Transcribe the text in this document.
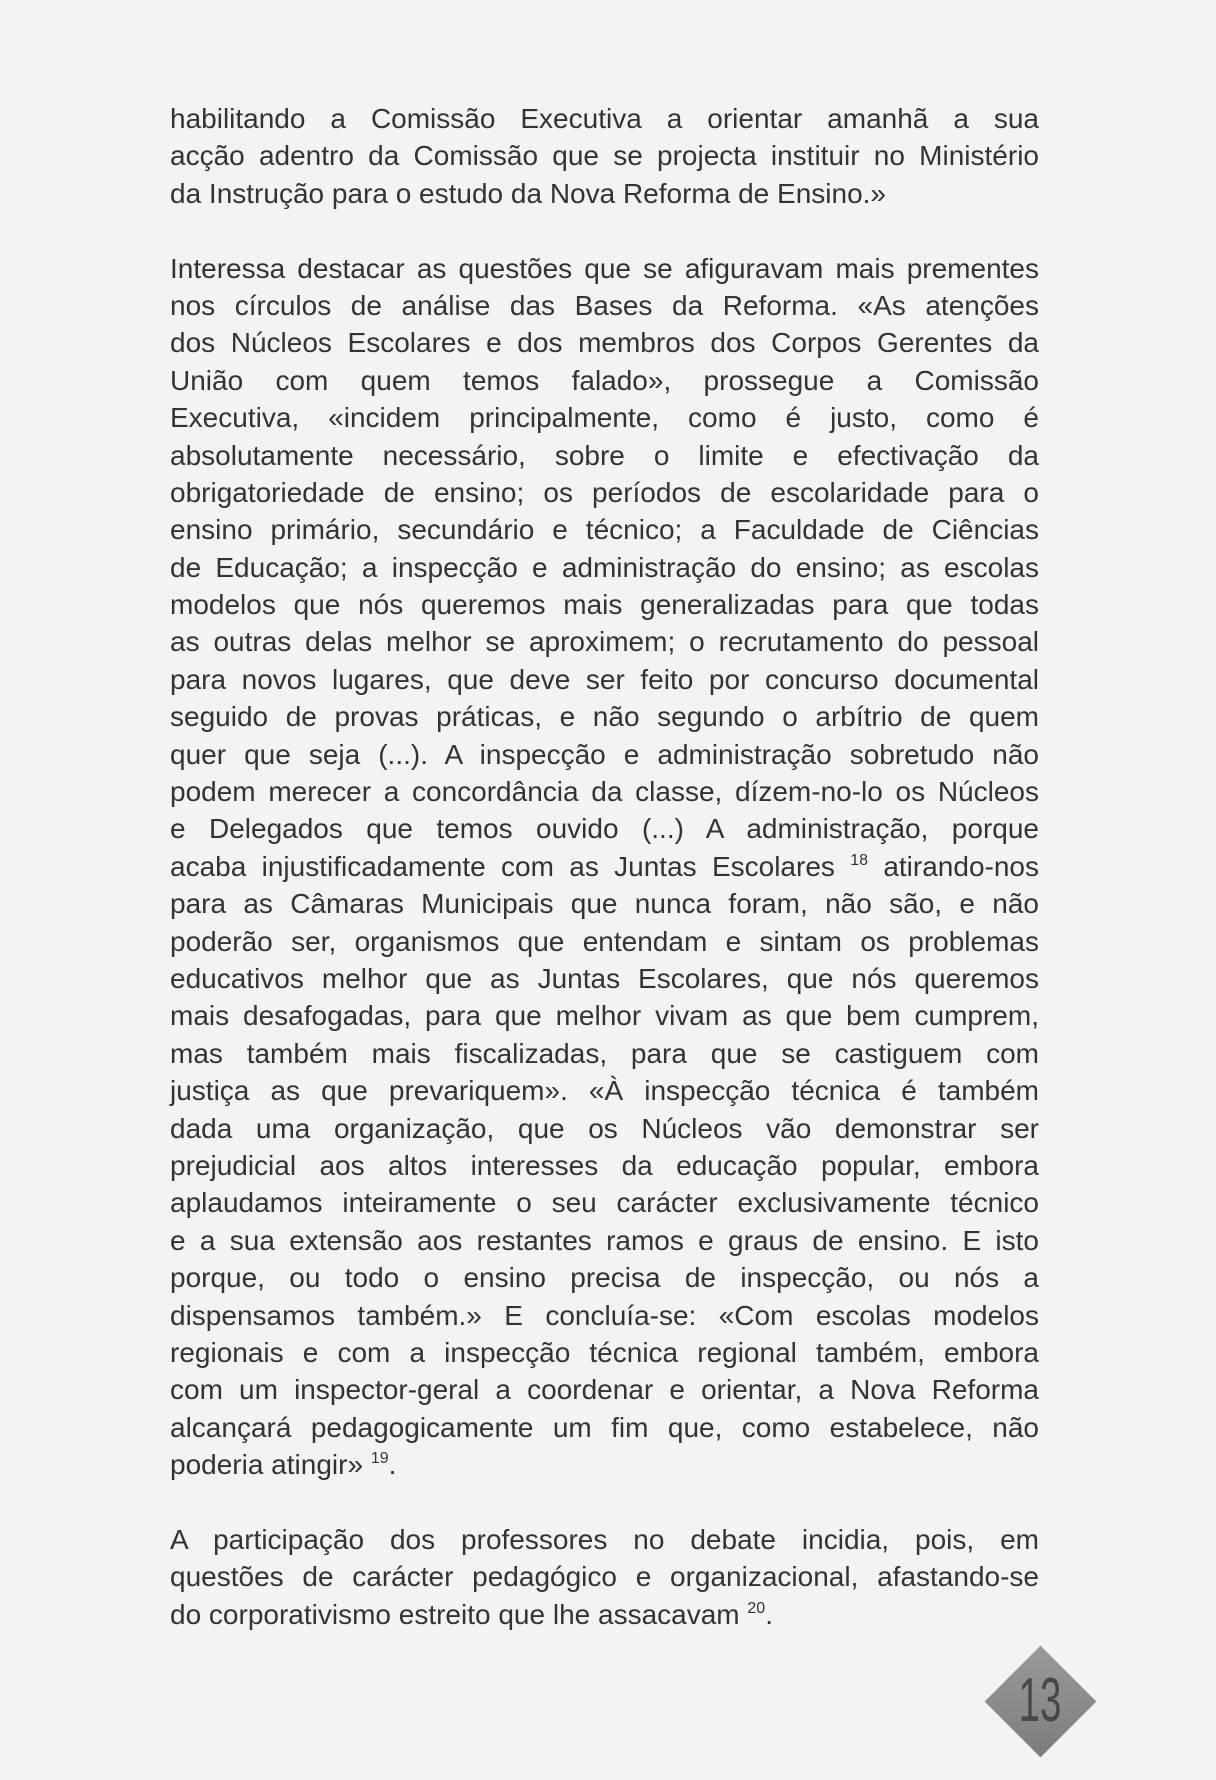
habilitando a Comissão Executiva a orientar amanhã a sua
acção adentro da Comissão que se projecta instituir no Ministério
da Instrução para o estudo da Nova Reforma de Ensino.»
Interessa destacar as questões que se afiguravam mais prementes
nos círculos de análise das Bases da Reforma. «As atenções
dos Núcleos Escolares e dos membros dos Corpos Gerentes da
União com quem temos falado», prossegue a Comissão
Executiva, «incidem principalmente, como é justo, como é
absolutamente necessário, sobre o limite e efectivação da
obrigatoriedade de ensino; os períodos de escolaridade para o
ensino primário, secundário e técnico; a Faculdade de Ciências
de Educação; a inspecção e administração do ensino; as escolas
modelos que nós queremos mais generalizadas para que todas
as outras delas melhor se aproximem; o recrutamento do pessoal
para novos lugares, que deve ser feito por concurso documental
seguido de provas práticas, e não segundo o arbítrio de quem
quer que seja (...). A inspecção e administração sobretudo não
podem merecer a concordância da classe, dízem-no-lo os Núcleos
e Delegados que temos ouvido (...) A administração, porque
acaba injustificadamente com as Juntas Escolares $^{18}$ atirando-nos
para as Câmaras Municipais que nunca foram, não são, e não
poderão ser, organismos que entendam e sintam os problemas
educativos melhor que as Juntas Escolares, que nós queremos
mais desafogadas, para que melhor vivam as que bem cumprem,
mas também mais fiscalizadas, para que se castiguem com
justiça as que prevariquem». «À inspecção técnica é também
dada uma organização, que os Núcleos vão demonstrar ser
prejudicial aos altos interesses da educação popular, embora
aplaudamos inteiramente o seu carácter exclusivamente técnico
e a sua extensão aos restantes ramos e graus de ensino. E isto
porque, ou todo o ensino precisa de inspecção, ou nós a
dispensamos também.» E concluía-se: «Com escolas modelos
regionais e com a inspecção técnica regional também, embora
com um inspector-geral a coordenar e orientar, a Nova Reforma
alcançará pedagogicamente um fim que, como estabelece, não
poderia atingir» $^{19}$.
A participação dos professores no debate incidia, pois, em
questões de carácter pedagógico e organizacional, afastando-se
do corporativismo estreito que lhe assacavam $^{20}$.
13
